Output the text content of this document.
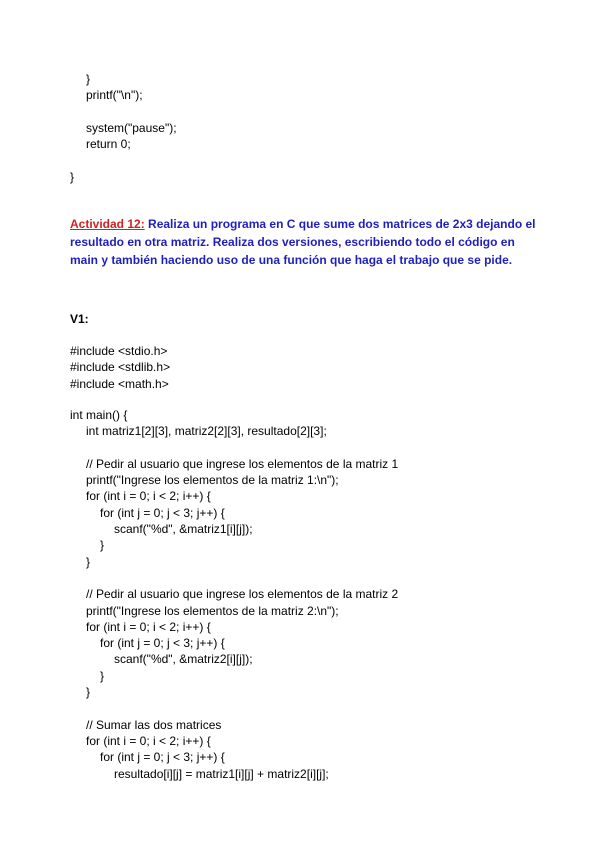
}
printf("\n");
system("pause");
return 0;
}
Actividad 12: Realiza un programa en C que sume dos matrices de 2x3 dejando el resultado en otra matriz. Realiza dos versiones, escribiendo todo el código en main y también haciendo uso de una función que haga el trabajo que se pide.
V1:
#include <stdio.h>
#include <stdlib.h>
#include <math.h>
int main() {
int matriz1[2][3], matriz2[2][3], resultado[2][3];
// Pedir al usuario que ingrese los elementos de la matriz 1
printf("Ingrese los elementos de la matriz 1:\n");
for (int i = 0; i < 2; i++) {
for (int j = 0; j < 3; j++) {
scanf("%d", &matriz1[i][j]);
}
}
// Pedir al usuario que ingrese los elementos de la matriz 2
printf("Ingrese los elementos de la matriz 2:\n");
for (int i = 0; i < 2; i++) {
for (int j = 0; j < 3; j++) {
scanf("%d", &matriz2[i][j]);
}
}
// Sumar las dos matrices
for (int i = 0; i < 2; i++) {
for (int j = 0; j < 3; j++) {
resultado[i][j] = matriz1[i][j] + matriz2[i][j];
